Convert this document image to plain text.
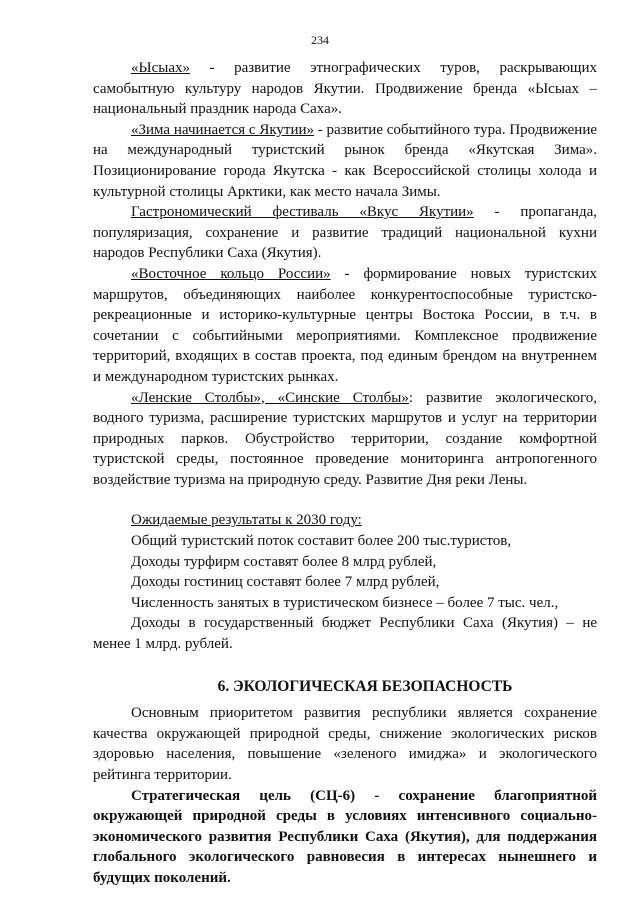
234

«Ысыах» - развитие этнографических туров, раскрывающих самобытную культуру народов Якутии. Продвижение бренда «Ысыах – национальный праздник народа Саха».

«Зима начинается с Якутии» - развитие событийного тура. Продвижение на международный туристский рынок бренда «Якутская Зима». Позиционирование города Якутска - как Всероссийской столицы холода и культурной столицы Арктики, как место начала Зимы.

Гастрономический фестиваль «Вкус Якутии» - пропаганда, популяризация, сохранение и развитие традиций национальной кухни народов Республики Саха (Якутия).

«Восточное кольцо России» - формирование новых туристских маршрутов, объединяющих наиболее конкурентоспособные туристско-рекреационные и историко-культурные центры Востока России, в т.ч. в сочетании с событийными мероприятиями. Комплексное продвижение территорий, входящих в состав проекта, под единым брендом на внутреннем и международном туристских рынках.

«Ленские Столбы», «Синские Столбы»: развитие экологического, водного туризма, расширение туристских маршрутов и услуг на территории природных парков. Обустройство территории, создание комфортной туристской среды, постоянное проведение мониторинга антропогенного воздействие туризма на природную среду. Развитие Дня реки Лены.

Ожидаемые результаты к 2030 году:

Общий туристский поток составит более 200 тыс.туристов,

Доходы турфирм составят более 8 млрд рублей,

Доходы гостиниц составят более 7 млрд рублей,

Численность занятых в туристическом бизнесе – более 7 тыс. чел.,

Доходы в государственный бюджет Республики Саха (Якутия) – не менее 1 млрд. рублей.

6. ЭКОЛОГИЧЕСКАЯ БЕЗОПАСНОСТЬ

Основным приоритетом развития республики является сохранение качества окружающей природной среды, снижение экологических рисков здоровью населения, повышение «зеленого имиджа» и экологического рейтинга территории.

Стратегическая цель (СЦ-6) - сохранение благоприятной окружающей природной среды в условиях интенсивного социально-экономического развития Республики Саха (Якутия), для поддержания глобального экологического равновесия в интересах нынешнего и будущих поколений.
